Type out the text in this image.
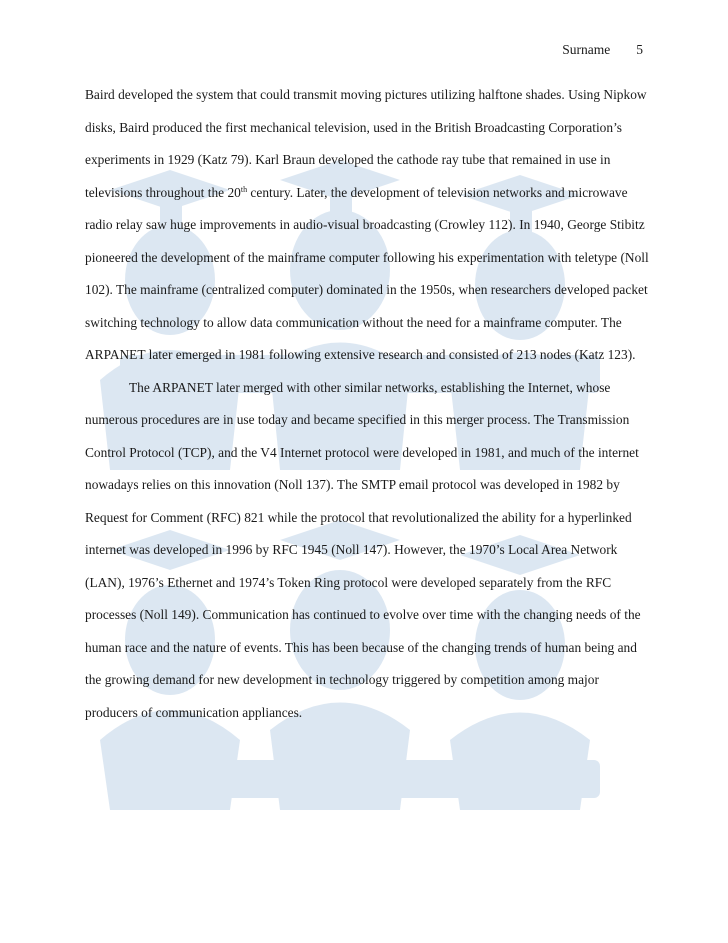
Surname 5

Baird developed the system that could transmit moving pictures utilizing halftone shades. Using Nipkow disks, Baird produced the first mechanical television, used in the British Broadcasting Corporation’s experiments in 1929 (Katz 79). Karl Braun developed the cathode ray tube that remained in use in televisions throughout the 20th century. Later, the development of television networks and microwave radio relay saw huge improvements in audio-visual broadcasting (Crowley 112). In 1940, George Stibitz pioneered the development of the mainframe computer following his experimentation with teletype (Noll 102). The mainframe (centralized computer) dominated in the 1950s, when researchers developed packet switching technology to allow data communication without the need for a mainframe computer. The ARPANET later emerged in 1981 following extensive research and consisted of 213 nodes (Katz 123).

The ARPANET later merged with other similar networks, establishing the Internet, whose numerous procedures are in use today and became specified in this merger process. The Transmission Control Protocol (TCP), and the V4 Internet protocol were developed in 1981, and much of the internet nowadays relies on this innovation (Noll 137). The SMTP email protocol was developed in 1982 by Request for Comment (RFC) 821 while the protocol that revolutionalized the ability for a hyperlinked internet was developed in 1996 by RFC 1945 (Noll 147). However, the 1970’s Local Area Network (LAN), 1976’s Ethernet and 1974’s Token Ring protocol were developed separately from the RFC processes (Noll 149). Communication has continued to evolve over time with the changing needs of the human race and the nature of events. This has been because of the changing trends of human being and the growing demand for new development in technology triggered by competition among major producers of communication appliances.
